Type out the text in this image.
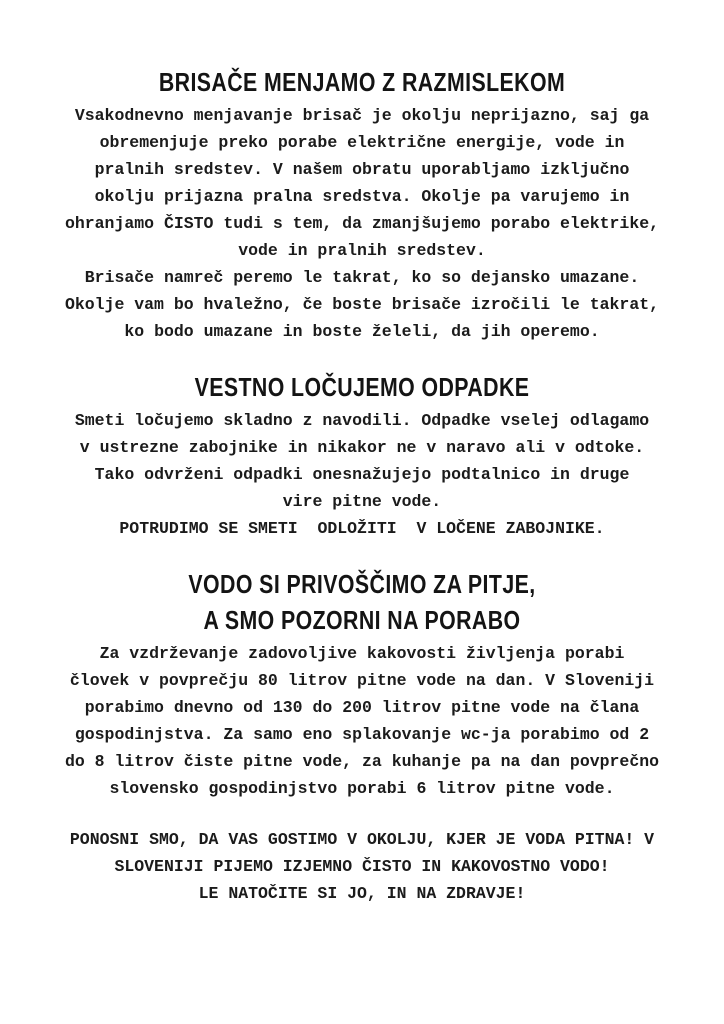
BRISAČE MENJAMO Z RAZMISLEKOM
Vsakodnevno menjavanje brisač je okolju neprijazno, saj ga
obremenjuje preko porabe električne energije, vode in
pralnih sredstev. V našem obratu uporabljamo izključno
okolju prijazna pralna sredstva. Okolje pa varujemo in
ohranjamo ČISTO tudi s tem, da zmanjšujemo porabo elektrike,
vode in pralnih sredstev.
Brisače namreč peremo le takrat, ko so dejansko umazane.
Okolje vam bo hvaležno, če boste brisače izročili le takrat,
ko bodo umazane in boste želeli, da jih operemo.
VESTNO LOČUJEMO ODPADKE
Smeti ločujemo skladno z navodili. Odpadke vselej odlagamo
v ustrezne zabojnike in nikakor ne v naravo ali v odtoke.
Tako odvrženi odpadki onesnažujejo podtalnico in druge
vire pitne vode.
POTRUDIMO SE SMETI  ODLOŽITI  V LOČENE ZABOJNIKE.
VODO SI PRIVOŠČIMO ZA PITJE,
A SMO POZORNI NA PORABO
Za vzdrževanje zadovoljive kakovosti življenja porabi
človek v povprečju 80 litrov pitne vode na dan. V Sloveniji
porabimo dnevno od 130 do 200 litrov pitne vode na člana
gospodinjstva. Za samo eno splakovanje wc-ja porabimo od 2
do 8 litrov čiste pitne vode, za kuhanje pa na dan povprečno
slovensko gospodinjstvo porabi 6 litrov pitne vode.
PONOSNI SMO, DA VAS GOSTIMO V OKOLJU, KJER JE VODA PITNA! V
SLOVENIJI PIJEMO IZJEMNO ČISTO IN KAKOVOSTNO VODO!
LE NATOČITE SI JO, IN NA ZDRAVJE!
